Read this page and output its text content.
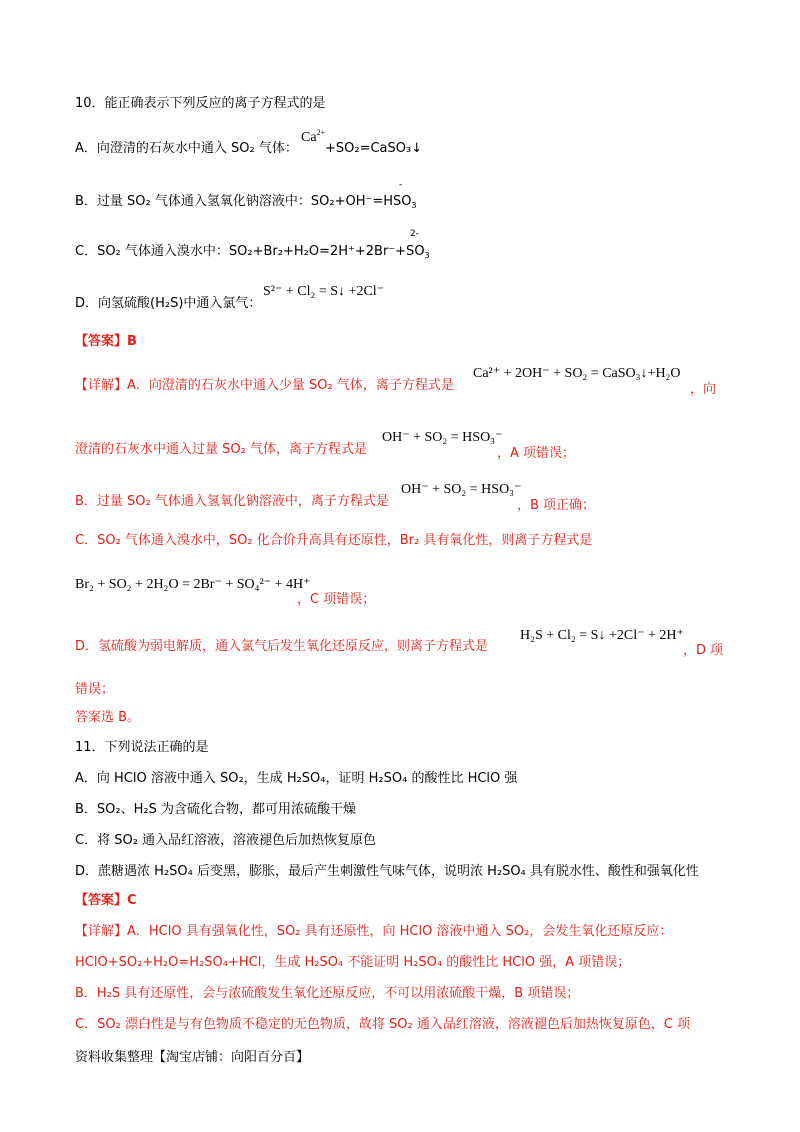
10．能正确表示下列反应的离子方程式的是
A．向澄清的石灰水中通入 SO₂ 气体：
$Ca^{2+}$
+SO₂=CaSO₃↓
B．过量 SO₂ 气体通入氢氧化钠溶液中：$SO_2+OH^-=HSO_3$
-
C．SO₂ 气体通入溴水中：$SO_2+Br_2+H_2O=2H^++2Br^-+SO_3$
2-
D．向氢硫酸(H₂S)中通入氯气：
S²⁻ + Cl₂ = S↓ +2Cl⁻
【答案】B
【详解】A．向澄清的石灰水中通入少量 SO₂ 气体，离子方程式是
Ca²⁺ + 2OH⁻ + SO₂ = CaSO₃↓+H₂O
，向
澄清的石灰水中通入过量 SO₂ 气体，离子方程式是
OH⁻ + SO₂ = HSO₃⁻
，A 项错误；
B．过量 SO₂ 气体通入氢氧化钠溶液中，离子方程式是
OH⁻ + SO₂ = HSO₃⁻
，B 项正确；
C．SO₂ 气体通入溴水中，SO₂ 化合价升高具有还原性，Br₂ 具有氧化性，则离子方程式是
Br₂ + SO₂ + 2H₂O = 2Br⁻ + SO₄²⁻ + 4H⁺
，C 项错误；
D．氢硫酸为弱电解质，通入氯气后发生氧化还原反应，则离子方程式是
H₂S + Cl₂ = S↓ +2Cl⁻ + 2H⁺
，D 项
错误；
答案选 B。
11．下列说法正确的是
A．向 HClO 溶液中通入 SO₂，生成 H₂SO₄，证明 H₂SO₄ 的酸性比 HClO 强
B．SO₂、H₂S 为含硫化合物，都可用浓硫酸干燥
C．将 SO₂ 通入品红溶液，溶液褪色后加热恢复原色
D．蔗糖遇浓 H₂SO₄ 后变黑，膨胀，最后产生刺激性气味气体，说明浓 H₂SO₄ 具有脱水性、酸性和强氧化性
【答案】C
【详解】A．HClO 具有强氧化性，SO₂ 具有还原性，向 HClO 溶液中通入 SO₂，会发生氧化还原反应：
HClO+SO₂+H₂O=H₂SO₄+HCl，生成 H₂SO₄ 不能证明 H₂SO₄ 的酸性比 HClO 强，A 项错误；
B．H₂S 具有还原性，会与浓硫酸发生氧化还原反应，不可以用浓硫酸干燥，B 项错误；
C．SO₂ 漂白性是与有色物质不稳定的无色物质，故将 SO₂ 通入品红溶液，溶液褪色后加热恢复原色，C 项
资料收集整理【淘宝店铺：向阳百分百】
